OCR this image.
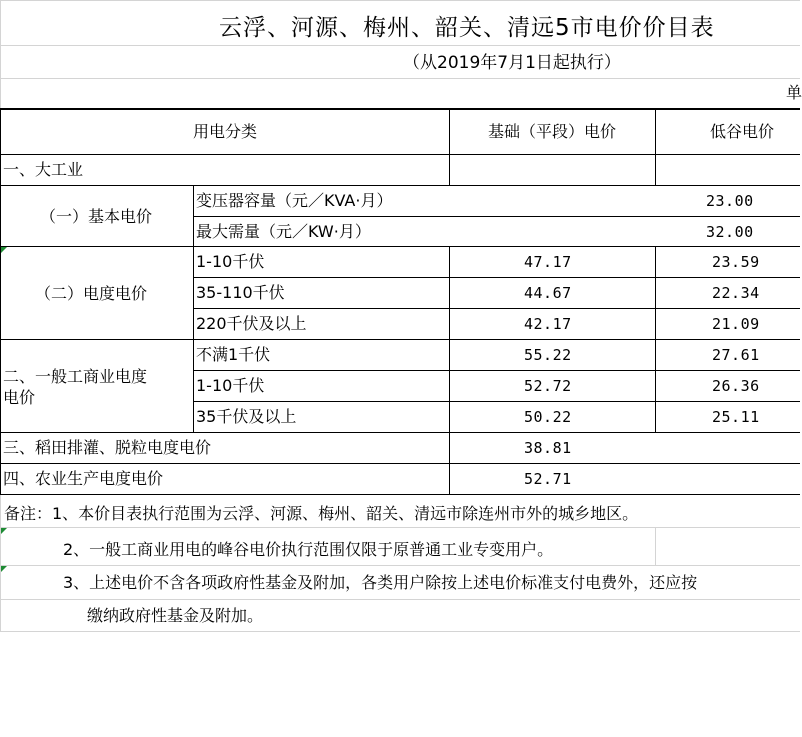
云浮、河源、梅州、韶关、清远5市电价价目表
（从2019年7月1日起执行）
单
用电分类	基础（平段）电价	低谷电价
一、大工业
（一）基本电价
变压器容量（元／KVA·月）	23.00
最大需量（元／KW·月）	32.00
（二）电度电价
1-10千伏	47.17	23.59
35-110千伏	44.67	22.34
220千伏及以上	42.17	21.09
二、一般工商业电度
电价
不满1千伏	55.22	27.61
1-10千伏	52.72	26.36
35千伏及以上	50.22	25.11
三、稻田排灌、脱粒电度电价	38.81
四、农业生产电度电价	52.71
备注：1、本价目表执行范围为云浮、河源、梅州、韶关、清远市除连州市外的城乡地区。
2、一般工商业用电的峰谷电价执行范围仅限于原普通工业专变用户。
3、上述电价不含各项政府性基金及附加，各类用户除按上述电价标准支付电费外，还应按
缴纳政府性基金及附加。
